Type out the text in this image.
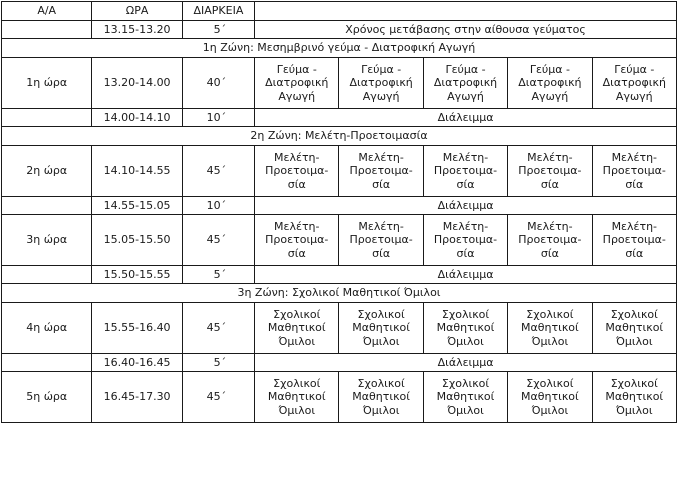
Α/Α	ΩΡΑ	ΔΙΑΡΚΕΙΑ					
	13.15-13.20	5΄	Χρόνος μετάβασης στην αίθουσα γεύματος				
1η Ζώνη: Μεσημβρινό γεύμα - Διατροφική Αγωγή							
1η ώρα	13.20-14.00	40΄	Γεύμα -
Διατροφική
Αγωγή	Γεύμα -
Διατροφική
Αγωγή	Γεύμα -
Διατροφική
Αγωγή	Γεύμα -
Διατροφική
Αγωγή	Γεύμα -
Διατροφική
Αγωγή
	14.00-14.10	10΄	Διάλειμμα				
2η Ζώνη: Μελέτη-Προετοιμασία							
2η ώρα	14.10-14.55	45΄	Μελέτη-
Προετοιμα-
σία	Μελέτη-
Προετοιμα-
σία	Μελέτη-
Προετοιμα-
σία	Μελέτη-
Προετοιμα-
σία	Μελέτη-
Προετοιμα-
σία
	14.55-15.05	10΄	Διάλειμμα				
3η ώρα	15.05-15.50	45΄	Μελέτη-
Προετοιμα-
σία	Μελέτη-
Προετοιμα-
σία	Μελέτη-
Προετοιμα-
σία	Μελέτη-
Προετοιμα-
σία	Μελέτη-
Προετοιμα-
σία
	15.50-15.55	5΄	Διάλειμμα				
3η Ζώνη: Σχολικοί Μαθητικοί Όμιλοι							
4η ώρα	15.55-16.40	45΄	Σχολικοί
Μαθητικοί
Όμιλοι	Σχολικοί
Μαθητικοί
Όμιλοι	Σχολικοί
Μαθητικοί
Όμιλοι	Σχολικοί
Μαθητικοί
Όμιλοι	Σχολικοί
Μαθητικοί
Όμιλοι
	16.40-16.45	5΄	Διάλειμμα				
5η ώρα	16.45-17.30	45΄	Σχολικοί
Μαθητικοί
Όμιλοι	Σχολικοί
Μαθητικοί
Όμιλοι	Σχολικοί
Μαθητικοί
Όμιλοι	Σχολικοί
Μαθητικοί
Όμιλοι	Σχολικοί
Μαθητικοί
Όμιλοι
